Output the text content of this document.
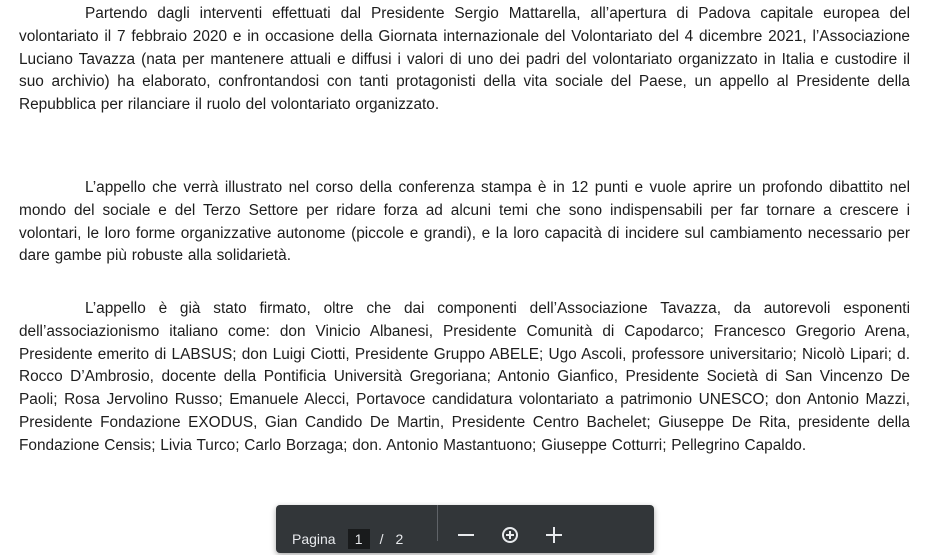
Partendo dagli interventi effettuati dal Presidente Sergio Mattarella, all’apertura di Padova capitale europea del volontariato il 7 febbraio 2020 e in occasione della Giornata internazionale del Volontariato del 4 dicembre 2021, l’Associazione Luciano Tavazza (nata per mantenere attuali e diffusi i valori di uno dei padri del volontariato organizzato in Italia e custodire il suo archivio) ha elaborato, confrontandosi con tanti protagonisti della vita sociale del Paese, un appello al Presidente della Repubblica per rilanciare il ruolo del volontariato organizzato.

L’appello che verrà illustrato nel corso della conferenza stampa è in 12 punti e vuole aprire un profondo dibattito nel mondo del sociale e del Terzo Settore per ridare forza ad alcuni temi che sono indispensabili per far tornare a crescere i volontari, le loro forme organizzative autonome (piccole e grandi), e la loro capacità di incidere sul cambiamento necessario per dare gambe più robuste alla solidarietà.

L’appello è già stato firmato, oltre che dai componenti dell’Associazione Tavazza, da autorevoli esponenti dell’associazionismo italiano come: don Vinicio Albanesi, Presidente Comunità di Capodarco; Francesco Gregorio Arena, Presidente emerito di LABSUS; don Luigi Ciotti, Presidente Gruppo ABELE; Ugo Ascoli, professore universitario; Nicolò Lipari; d. Rocco D’Ambrosio, docente della Pontificia Università Gregoriana; Antonio Gianfico, Presidente Società di San Vincenzo De Paoli; Rosa Jervolino Russo; Emanuele Alecci, Portavoce candidatura volontariato a patrimonio UNESCO; don Antonio Mazzi, Presidente Fondazione EXODUS, Gian Candido De Martin, Presidente Centro Bachelet; Giuseppe De Rita, presidente della Fondazione Censis; Livia Turco; Carlo Borzaga; don. Antonio Mastantuono; Giuseppe Cotturri; Pellegrino Capaldo.

Pagina
1	/ 2
